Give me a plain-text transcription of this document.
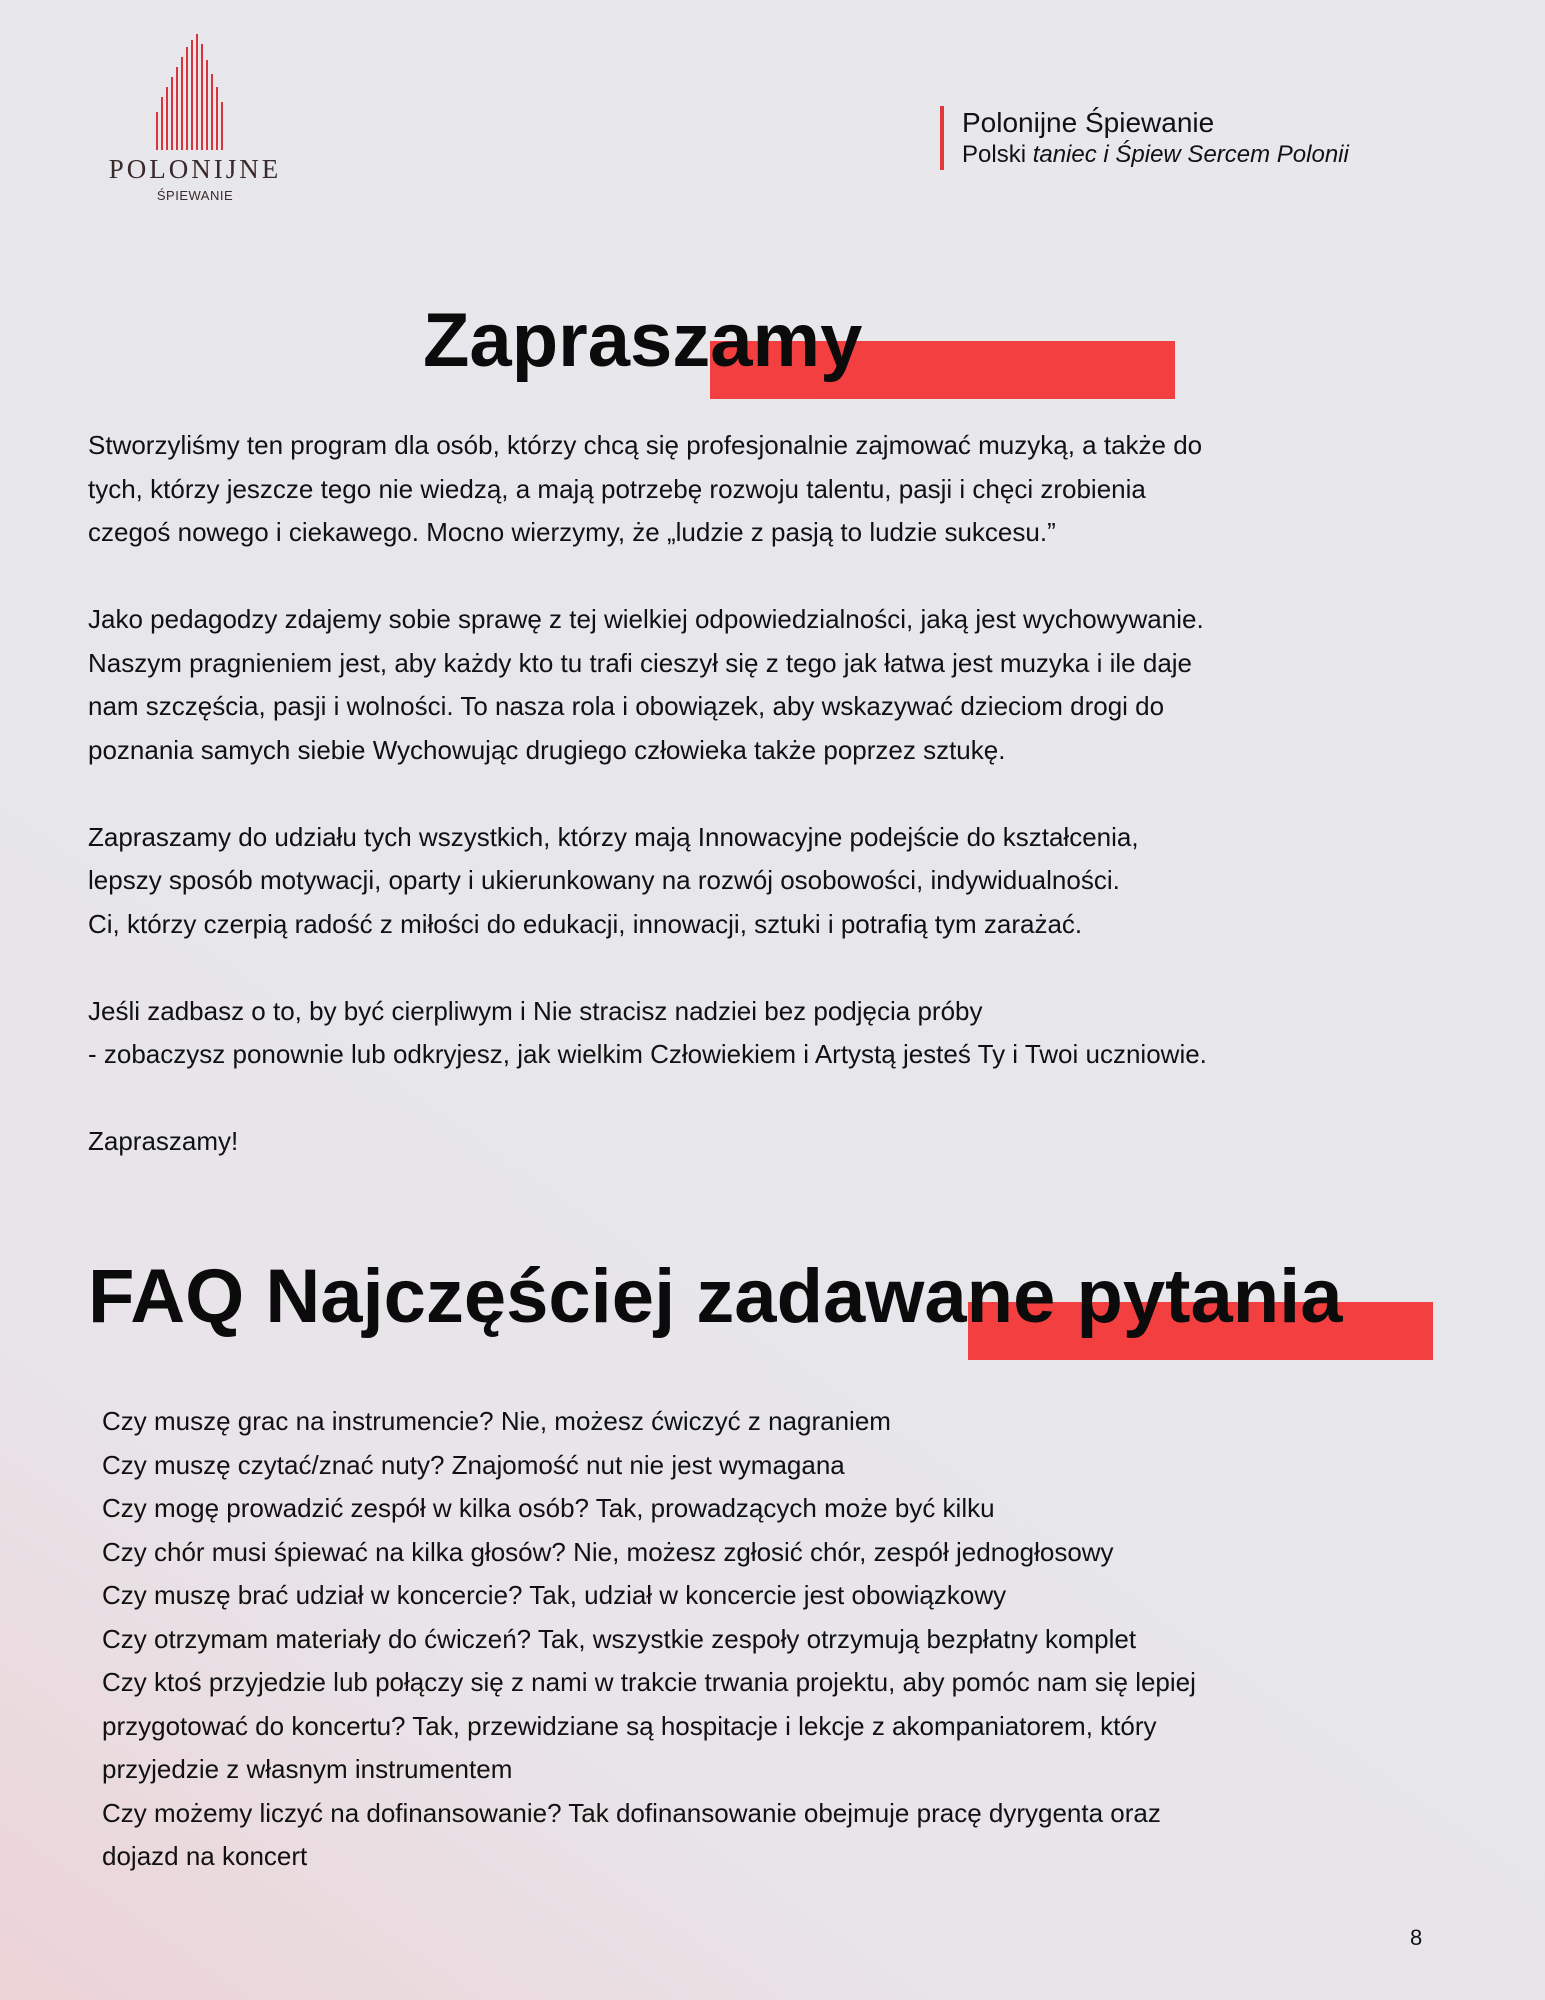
POLONIJNE
ŚPIEWANIE
Polonijne Śpiewanie
Polski taniec i Śpiew Sercem Polonii
Zapraszamy

Stworzyliśmy ten program dla osób, którzy chcą się profesjonalnie zajmować muzyką, a także do
tych, którzy jeszcze tego nie wiedzą, a mają potrzebę rozwoju talentu, pasji i chęci zrobienia
czegoś nowego i ciekawego. Mocno wierzymy, że „ludzie z pasją to ludzie sukcesu.”

Jako pedagodzy zdajemy sobie sprawę z tej wielkiej odpowiedzialności, jaką jest wychowywanie.
Naszym pragnieniem jest, aby każdy kto tu trafi cieszył się z tego jak łatwa jest muzyka i ile daje
nam szczęścia, pasji i wolności. To nasza rola i obowiązek, aby wskazywać dzieciom drogi do
poznania samych siebie Wychowując drugiego człowieka także poprzez sztukę.

Zapraszamy do udziału tych wszystkich, którzy mają Innowacyjne podejście do kształcenia,
lepszy sposób motywacji, oparty i ukierunkowany na rozwój osobowości, indywidualności.
Ci, którzy czerpią radość z miłości do edukacji, innowacji, sztuki i potrafią tym zarażać.

Jeśli zadbasz o to, by być cierpliwym i Nie stracisz nadziei bez podjęcia próby
- zobaczysz ponownie lub odkryjesz, jak wielkim Człowiekiem i Artystą jesteś Ty i Twoi uczniowie.

Zapraszamy!

FAQ Najczęściej zadawane pytania
Czy muszę grac na instrumencie? Nie, możesz ćwiczyć z nagraniem
Czy muszę czytać/znać nuty? Znajomość nut nie jest wymagana
Czy mogę prowadzić zespół w kilka osób? Tak, prowadzących może być kilku
Czy chór musi śpiewać na kilka głosów? Nie, możesz zgłosić chór, zespół jednogłosowy
Czy muszę brać udział w koncercie? Tak, udział w koncercie jest obowiązkowy
Czy otrzymam materiały do ćwiczeń? Tak, wszystkie zespoły otrzymują bezpłatny komplet
Czy ktoś przyjedzie lub połączy się z nami w trakcie trwania projektu, aby pomóc nam się lepiej
przygotować do koncertu? Tak, przewidziane są hospitacje i lekcje z akompaniatorem, który
przyjedzie z własnym instrumentem
Czy możemy liczyć na dofinansowanie? Tak dofinansowanie obejmuje pracę dyrygenta oraz
dojazd na koncert
8
